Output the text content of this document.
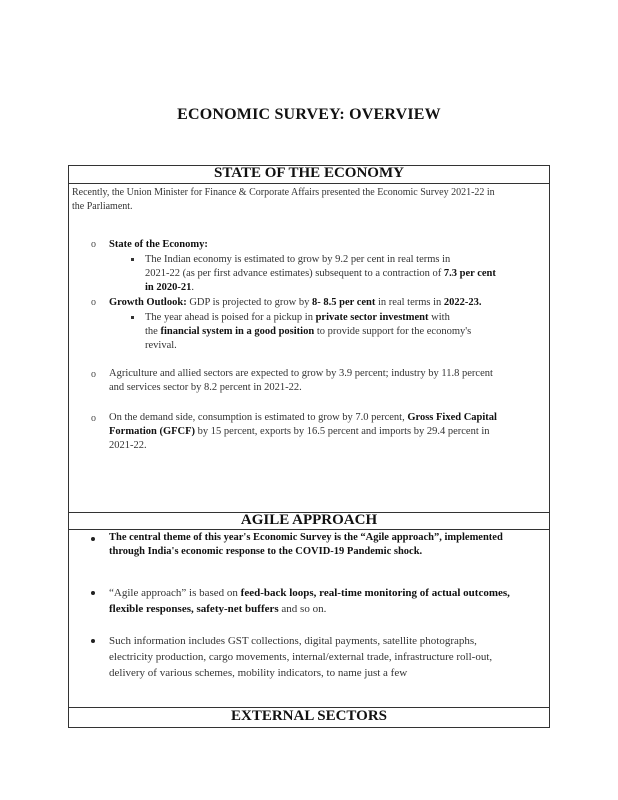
ECONOMIC SURVEY: OVERVIEW
STATE OF THE ECONOMY
Recently, the Union Minister for Finance & Corporate Affairs presented the Economic Survey 2021-22 in
the Parliament.
o State of the Economy:
The Indian economy is estimated to grow by 9.2 per cent in real terms in
2021-22 (as per first advance estimates) subsequent to a contraction of 7.3 per cent
in 2020-21.
o Growth Outlook: GDP is projected to grow by 8- 8.5 per cent in real terms in 2022-23.
The year ahead is poised for a pickup in private sector investment with
the financial system in a good position to provide support for the economy's
revival.
o Agriculture and allied sectors are expected to grow by 3.9 percent; industry by 11.8 percent
and services sector by 8.2 percent in 2021-22.
o On the demand side, consumption is estimated to grow by 7.0 percent, Gross Fixed Capital
Formation (GFCF) by 15 percent, exports by 16.5 percent and imports by 29.4 percent in
2021-22.
AGILE APPROACH
The central theme of this year's Economic Survey is the “Agile approach”, implemented
through India's economic response to the COVID-19 Pandemic shock.
“Agile approach” is based on feed-back loops, real-time monitoring of actual outcomes,
flexible responses, safety-net buffers and so on.
Such information includes GST collections, digital payments, satellite photographs,
electricity production, cargo movements, internal/external trade, infrastructure roll-out,
delivery of various schemes, mobility indicators, to name just a few
EXTERNAL SECTORS
